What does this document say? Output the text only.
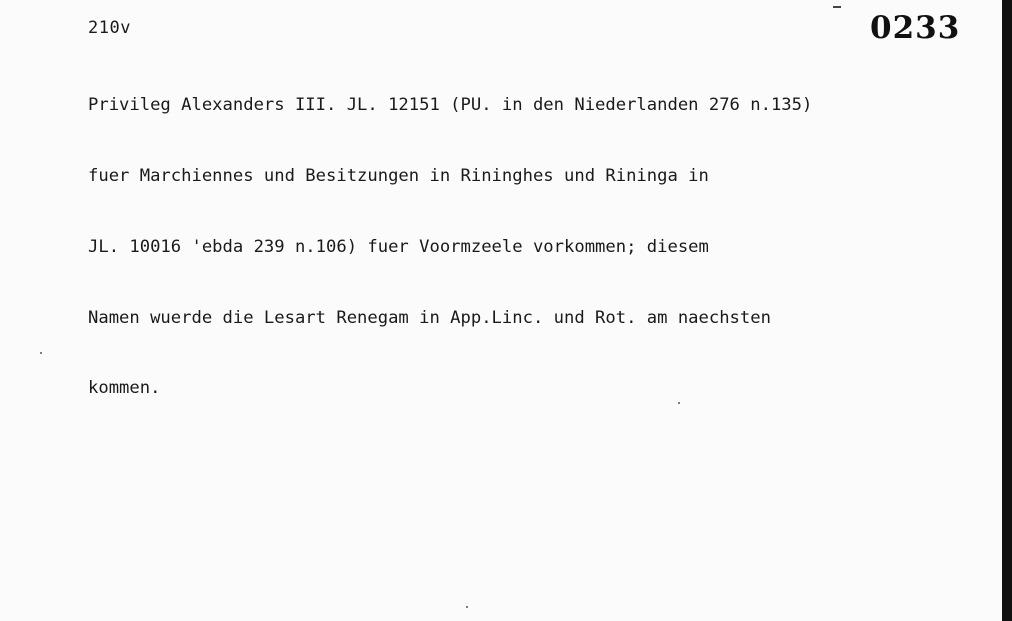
210v	0233

Privileg Alexanders III. JL. 12151 (PU. in den Niederlanden 276 n.135)

fuer Marchiennes und Besitzungen in Rininghes und Rininga in

JL. 10016 'ebda 239 n.106) fuer Voormzeele vorkommen; diesem

Namen wuerde die Lesart Renegam in App.Linc. und Rot. am naechsten

kommen.
